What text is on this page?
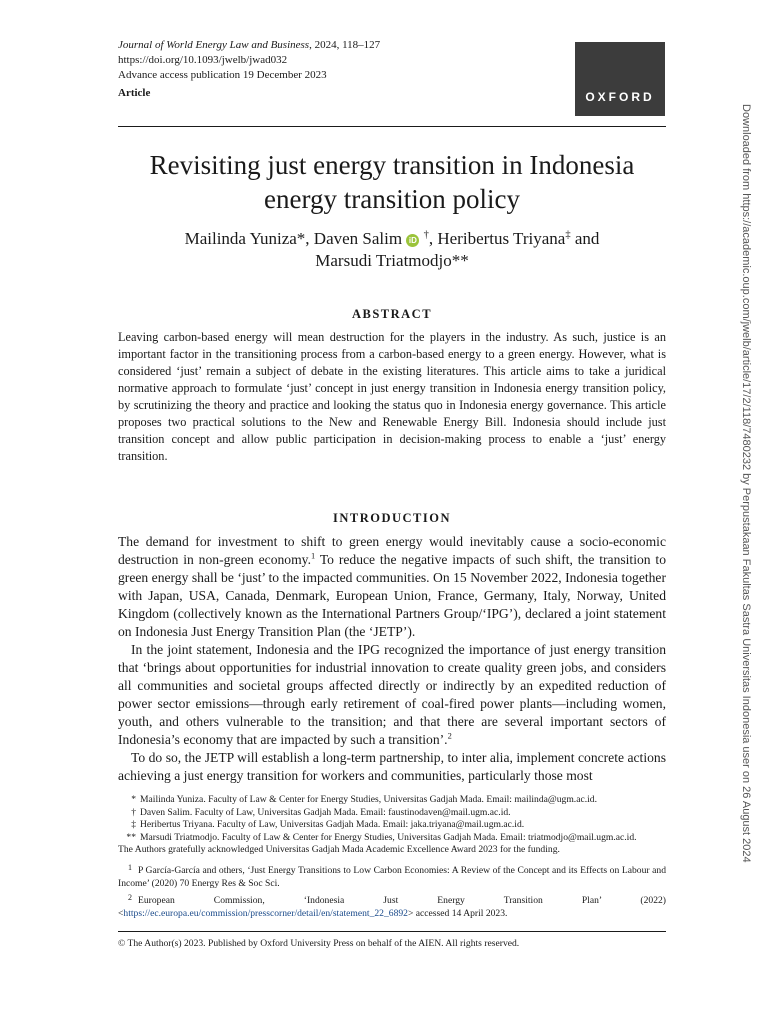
Journal of World Energy Law and Business, 2024, 118–127
https://doi.org/10.1093/jwelb/jwad032
Advance access publication 19 December 2023
Article	OXFORD
Revisiting just energy transition in Indonesia
energy transition policy
Mailinda Yuniza*, Daven Salim iD †, Heribertus Triyana‡ and
Marsudi Triatmodjo**
ABSTRACT

Leaving carbon-based energy will mean destruction for the players in the industry. As such, justice is an important factor in the transitioning process from a carbon-based energy to a green energy. However, what is considered ‘just’ remain a subject of debate in the existing literatures. This article aims to take a juridical normative approach to formulate ‘just’ concept in just energy transition in Indonesia energy transition policy, by scrutinizing the theory and practice and looking the status quo in Indonesia energy governance. This article proposes two practical solutions to the New and Renewable Energy Bill. Indonesia should include just transition concept and allow public participation in decision-making process to enable a ‘just’ energy transition.

INTRODUCTION

The demand for investment to shift to green energy would inevitably cause a socio-economic destruction in non-green economy.$^1$ To reduce the negative impacts of such shift, the transition to green energy shall be ‘just’ to the impacted communities. On 15 November 2022, Indonesia together with Japan, USA, Canada, Denmark, European Union, France, Germany, Italy, Norway, United Kingdom (collectively known as the International Partners Group/‘IPG’), declared a joint statement on Indonesia Just Energy Transition Plan (the ‘JETP’).

In the joint statement, Indonesia and the IPG recognized the importance of just energy transition that ‘brings about opportunities for industrial innovation to create quality green jobs, and considers all communities and societal groups affected directly or indirectly by an expedited reduction of power sector emissions—through early retirement of coal-fired power plants—including women, youth, and others vulnerable to the transition; and that there are several important sectors of Indonesia’s economy that are impacted by such a transition’.$^2$

To do so, the JETP will establish a long-term partnership, to inter alia, implement concrete actions achieving a just energy transition for workers and communities, particularly those most

* Mailinda Yuniza. Faculty of Law & Center for Energy Studies, Universitas Gadjah Mada. Email: mailinda@ugm.ac.id.
† Daven Salim. Faculty of Law, Universitas Gadjah Mada. Email: faustinodaven@mail.ugm.ac.id.
‡ Heribertus Triyana. Faculty of Law, Universitas Gadjah Mada. Email: jaka.triyana@mail.ugm.ac.id.
** Marsudi Triatmodjo. Faculty of Law & Center for Energy Studies, Universitas Gadjah Mada. Email: triatmodjo@mail.ugm.ac.id.
The Authors gratefully acknowledged Universitas Gadjah Mada Academic Excellence Award 2023 for the funding.

1 P García-García and others, ‘Just Energy Transitions to Low Carbon Economies: A Review of the Concept and its Effects on Labour and Income’ (2020) 70 Energy Res & Soc Sci.

2 European Commission, ‘Indonesia Just Energy Transition Plan’ (2022) <https://ec.europa.eu/commission/presscorner/detail/en/statement_22_6892> accessed 14 April 2023.

© The Author(s) 2023. Published by Oxford University Press on behalf of the AIEN. All rights reserved.
Downloaded from https://academic.oup.com/jwelb/article/17/2/118/7480232 by Perpustakaan Fakultas Sastra Universitas Indonesia user on 26 August 2024
